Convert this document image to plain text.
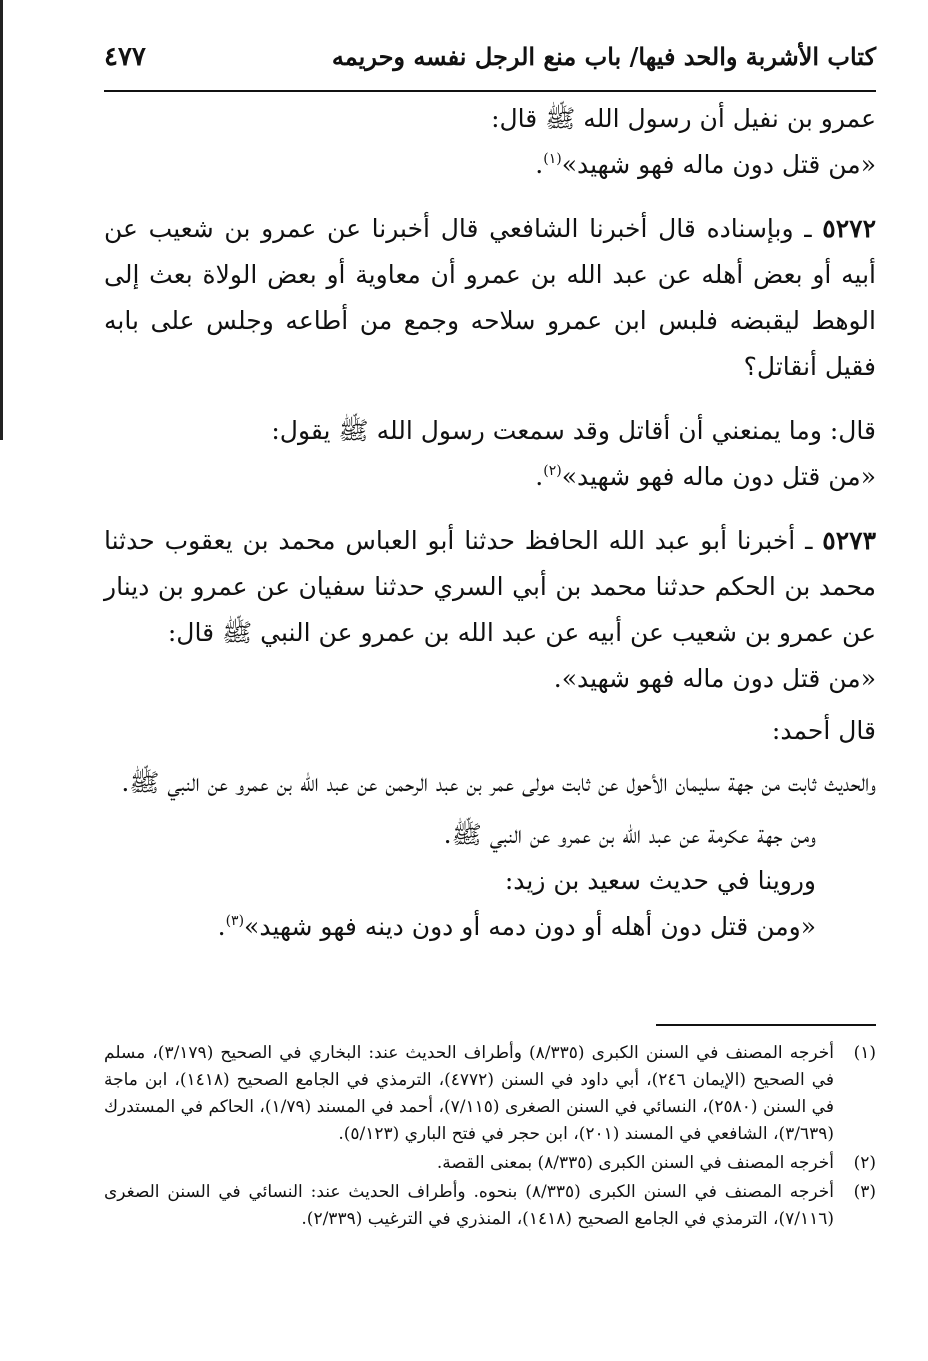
كتاب الأشربة والحد فيها/ باب منع الرجل نفسه وحريمه
٤٧٧

عمرو بن نفيل أن رسول الله ﷺ قال:

«من قتل دون ماله فهو شهيد»$^{(١)}$.

٥٢٧٢ ـ وبإسناده قال أخبرنا الشافعي قال أخبرنا عن عمرو بن شعيب عن أبيه أو بعض أهله عن عبد الله بن عمرو أن معاوية أو بعض الولاة بعث إلى الوهط ليقبضه فلبس ابن عمرو سلاحه وجمع من أطاعه وجلس على بابه فقيل أنقاتل؟

قال: وما يمنعني أن أقاتل وقد سمعت رسول الله ﷺ يقول:

«من قتل دون ماله فهو شهيد»$^{(٢)}$.

٥٢٧٣ ـ أخبرنا أبو عبد الله الحافظ حدثنا أبو العباس محمد بن يعقوب حدثنا محمد بن الحكم حدثنا محمد بن أبي السري حدثنا سفيان عن عمرو بن دينار عن عمرو بن شعيب عن أبيه عن عبد الله بن عمرو عن النبي ﷺ قال:

«من قتل دون ماله فهو شهيد».

قال أحمد:

والحديث ثابت من جهة سليمان الأحول عن ثابت مولى عمر بن عبد الرحمن عن عبد الله بن عمرو عن النبي ﷺ.

ومن جهة عكرمة عن عبد الله بن عمرو عن النبي ﷺ.

وروينا في حديث سعيد بن زيد:

«ومن قتل دون أهله أو دون دمه أو دون دينه فهو شهيد»$^{(٣)}$.

(١)
أخرجه المصنف في السنن الكبرى (٨/٣٣٥) وأطراف الحديث عند: البخاري في الصحيح (٣/١٧٩)، مسلم في الصحيح (الإيمان ٢٤٦)، أبي داود في السنن (٤٧٧٢)، الترمذي في الجامع الصحيح (١٤١٨)، ابن ماجة في السنن (٢٥٨٠)، النسائي في السنن الصغرى (٧/١١٥)، أحمد في المسند (١/٧٩)، الحاكم في المستدرك (٣/٦٣٩)، الشافعي في المسند (٢٠١)، ابن حجر في فتح الباري (٥/١٢٣).

(٢)
أخرجه المصنف في السنن الكبرى (٨/٣٣٥) بمعنى القصة.

(٣)
أخرجه المصنف في السنن الكبرى (٨/٣٣٥) بنحوه. وأطراف الحديث عند: النسائي في السنن الصغرى (٧/١١٦)، الترمذي في الجامع الصحيح (١٤١٨)، المنذري في الترغيب (٢/٣٣٩).
